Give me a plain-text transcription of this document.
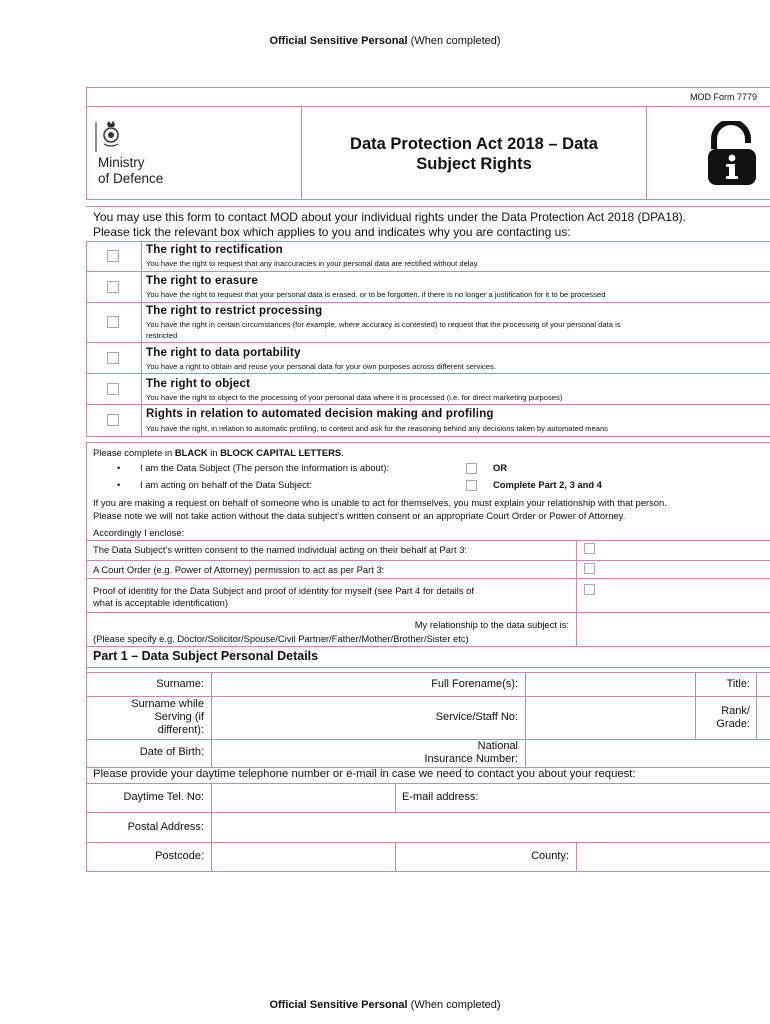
Official Sensitive Personal (When completed)
MOD Form 7779
Ministry
of Defence
Data Protection Act 2018 – Data
Subject Rights
You may use this form to contact MOD about your individual rights under the Data Protection Act 2018 (DPA18).
Please tick the relevant box which applies to you and indicates why you are contacting us:
The right to rectification
You have the right to request that any inaccuracies in your personal data are rectified without delay
The right to erasure
You have the right to request that your personal data is erased, or to be forgotten, if there is no longer a justification for it to be processed
The right to restrict processing
You have the right in certain circumstances (for example, where accuracy is contested) to request that the processing of your personal data is
restricted
The right to data portability
You have a right to obtain and reuse your personal data for your own purposes across different services.
The right to object
You have the right to object to the processing of your personal data where it is processed (i.e. for direct marketing purposes)
Rights in relation to automated decision making and profiling
You have the right, in relation to automatic profiling, to contest and ask for the reasoning behind any decisions taken by automated means
Please complete in BLACK in BLOCK CAPITAL LETTERS.
• I am the Data Subject (The person the information is about):	OR
• I am acting on behalf of the Data Subject:	Complete Part 2, 3 and 4
If you are making a request on behalf of someone who is unable to act for themselves, you must explain your relationship with that person.
Please note we will not take action without the data subject’s written consent or an appropriate Court Order or Power of Attorney.
Accordingly I enclose:
The Data Subject’s written consent to the named individual acting on their behalf at Part 3:
A Court Order (e.g. Power of Attorney) permission to act as per Part 3:
Proof of identity for the Data Subject and proof of identity for myself (see Part 4 for details of
what is acceptable identification)
My relationship to the data subject is:
(Please specify e.g. Doctor/Solicitor/Spouse/Civil Partner/Father/Mother/Brother/Sister etc)
Part 1 – Data Subject Personal Details
Surname:	Full Forename(s):	Title:
Surname while
Serving (if
different):
Service/Staff No:	Rank/
Grade:
Date of Birth:	National
Insurance Number:
Please provide your daytime telephone number or e-mail in case we need to contact you about your request:
Daytime Tel. No:	E-mail address:
Postal Address:
Postcode:	County:
Official Sensitive Personal (When completed)
